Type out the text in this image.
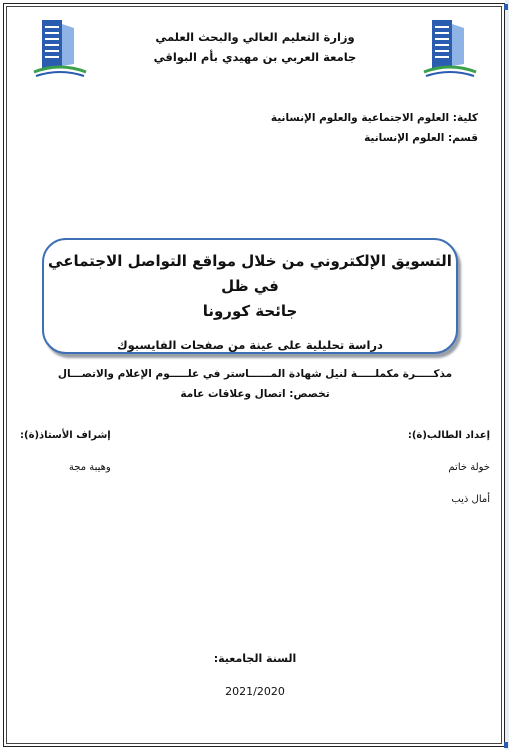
وزارة التعليم العالي والبحث العلمي
جامعة العربي بن مهيدي بأم البواقي
كلية: العلوم الاجتماعية والعلوم الإنسانية
قسم: العلوم الإنسانية
التسويق الإلكتروني من خلال مواقع التواصل الاجتماعي في ظل
جائحة كورونا
دراسة تحليلية على عينة من صفحات الفايسبوك
مذكـــــرة مكملـــــة لنيل شهادة المــــــاستر في علـــــوم الإعلام والاتصـــال
تخصص: اتصال وعلاقات عامة
إعداد الطالب(ة):
خولة خاتم
أمال ذيب
إشراف الأستاذ(ة):
وهيبة مجة
السنة الجامعية:
2021/2020
